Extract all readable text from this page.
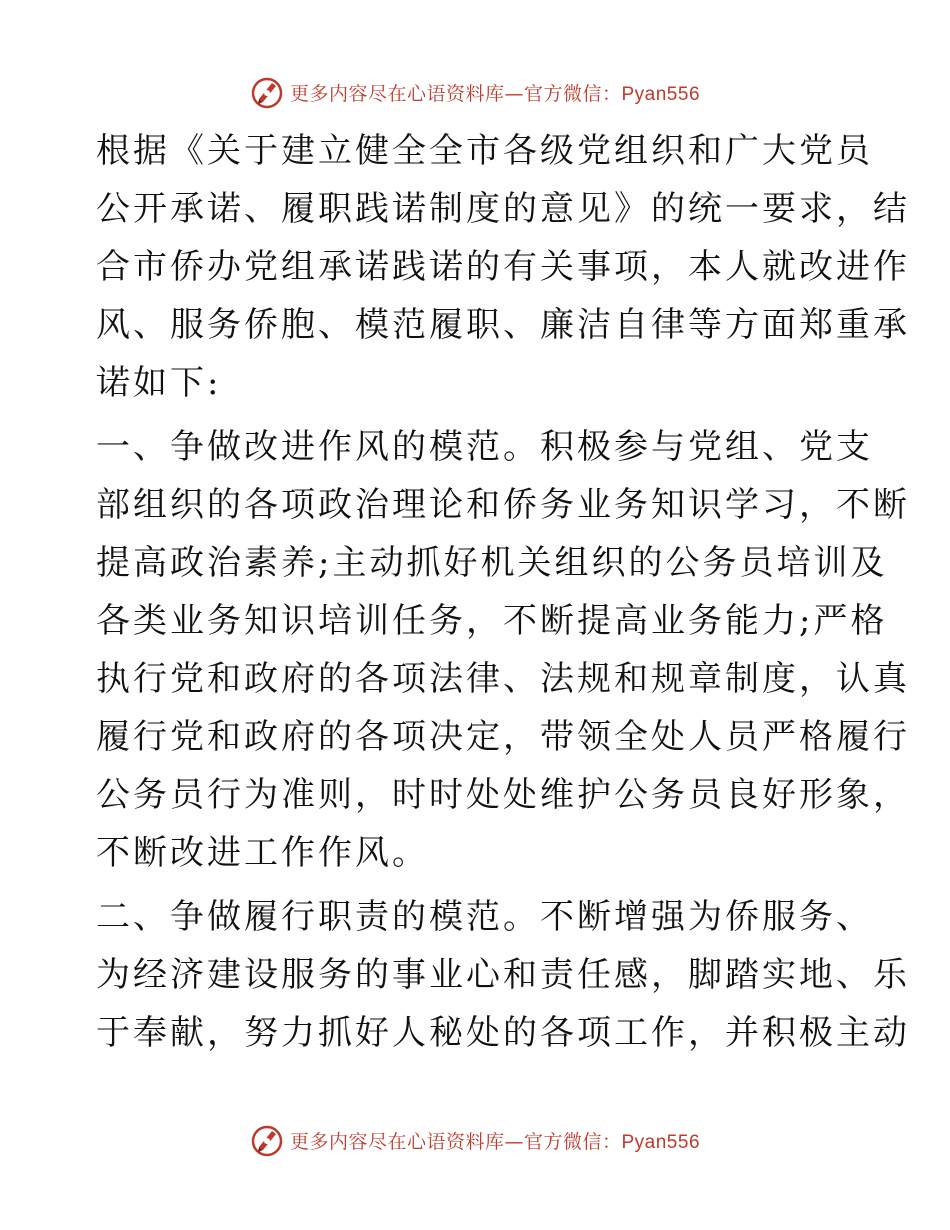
更多内容尽在心语资料库—官方微信：Pyan556

根据《关于建立健全全市各级党组织和广大党员
公开承诺、履职践诺制度的意见》的统一要求，结
合市侨办党组承诺践诺的有关事项，本人就改进作
风、服务侨胞、模范履职、廉洁自律等方面郑重承
诺如下:

一、争做改进作风的模范。积极参与党组、党支
部组织的各项政治理论和侨务业务知识学习，不断
提高政治素养;主动抓好机关组织的公务员培训及
各类业务知识培训任务，不断提高业务能力;严格
执行党和政府的各项法律、法规和规章制度，认真
履行党和政府的各项决定，带领全处人员严格履行
公务员行为准则，时时处处维护公务员良好形象，
不断改进工作作风。

二、争做履行职责的模范。不断增强为侨服务、
为经济建设服务的事业心和责任感，脚踏实地、乐
于奉献，努力抓好人秘处的各项工作，并积极主动

更多内容尽在心语资料库—官方微信：Pyan556
